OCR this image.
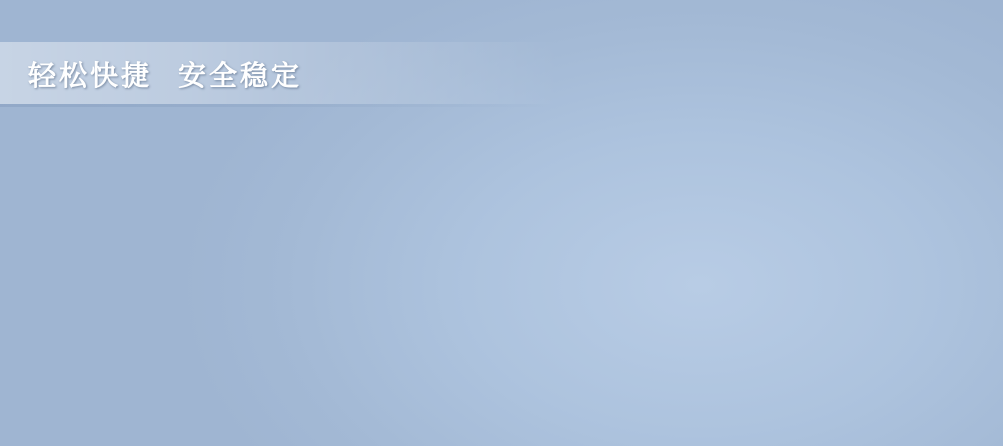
轻松快捷 安全稳定
